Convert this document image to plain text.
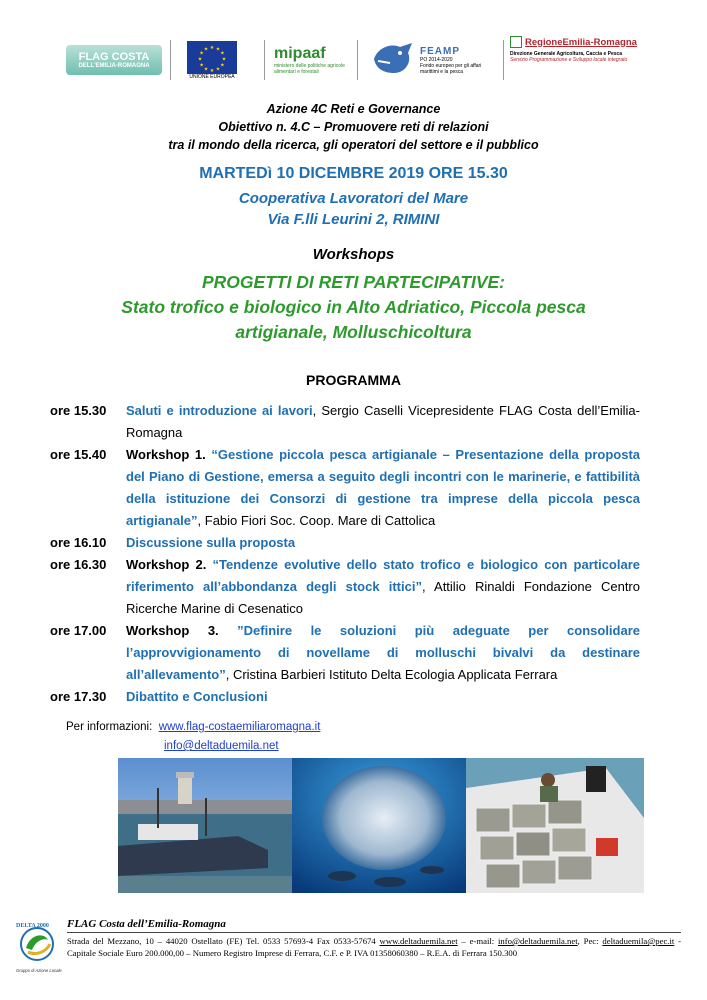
FLAG COSTA
DELL'EMILIA-ROMAGNA
★ ★
★
★
★
★
★
★
★
★
★
★
UNIONE EUROPEA
mipaaf
ministero delle politiche agricole alimentari e forestali
FEAMP
PO 2014-2020
Fondo europeo per gli affari marittimi e la pesca
RegioneEmilia-Romagna
Direzione Generale Agricoltura, Caccia e Pesca
Servizio Programmazione e Sviluppo locale integrato
Azione 4C Reti e Governance
Obiettivo n. 4.C – Promuovere reti di relazioni
tra il mondo della ricerca, gli operatori del settore e il pubblico
MARTEDì 10 DICEMBRE 2019 ORE 15.30
Cooperativa Lavoratori del Mare
Via F.lli Leurini 2, RIMINI
Workshops
PROGETTI DI RETI PARTECIPATIVE:
Stato trofico e biologico in Alto Adriatico, Piccola pesca
artigianale, Molluschicoltura
PROGRAMMA
ore 15.30	Saluti e introduzione ai lavori, Sergio Caselli Vicepresidente FLAG Costa dell’Emilia-Romagna
ore 15.40	Workshop 1. “Gestione piccola pesca artigianale – Presentazione della proposta del Piano di Gestione, emersa a seguito degli incontri con le marinerie, e fattibilità della istituzione dei Consorzi di gestione tra imprese della piccola pesca artigianale”, Fabio Fiori Soc. Coop. Mare di Cattolica
ore 16.10	Discussione sulla proposta
ore 16.30	Workshop 2. “Tendenze evolutive dello stato trofico e biologico con particolare riferimento all’abbondanza degli stock ittici”, Attilio Rinaldi Fondazione Centro Ricerche Marine di Cesenatico
ore 17.00	Workshop 3. ”Definire le soluzioni più adeguate per consolidare l’approvvigionamento di novellame di molluschi bivalvi da destinare all’allevamento”, Cristina Barbieri Istituto Delta Ecologia Applicata Ferrara
ore 17.30	Dibattito e Conclusioni
Per informazioni: www.flag-costaemiliaromagna.it
info@deltaduemila.net
DELTA 2000
Gruppo di Azione Locale
FLAG Costa dell’Emilia-Romagna
Strada del Mezzano, 10 – 44020 Ostellato (FE) Tel. 0533 57693-4 Fax 0533-57674 www.deltaduemila.net – e-mail: info@deltaduemila.net, Pec: deltaduemila@pec.it - Capitale Sociale Euro 200.000,00 – Numero Registro Imprese di Ferrara, C.F. e P. IVA 01358060380 – R.E.A. di Ferrara 150.300
